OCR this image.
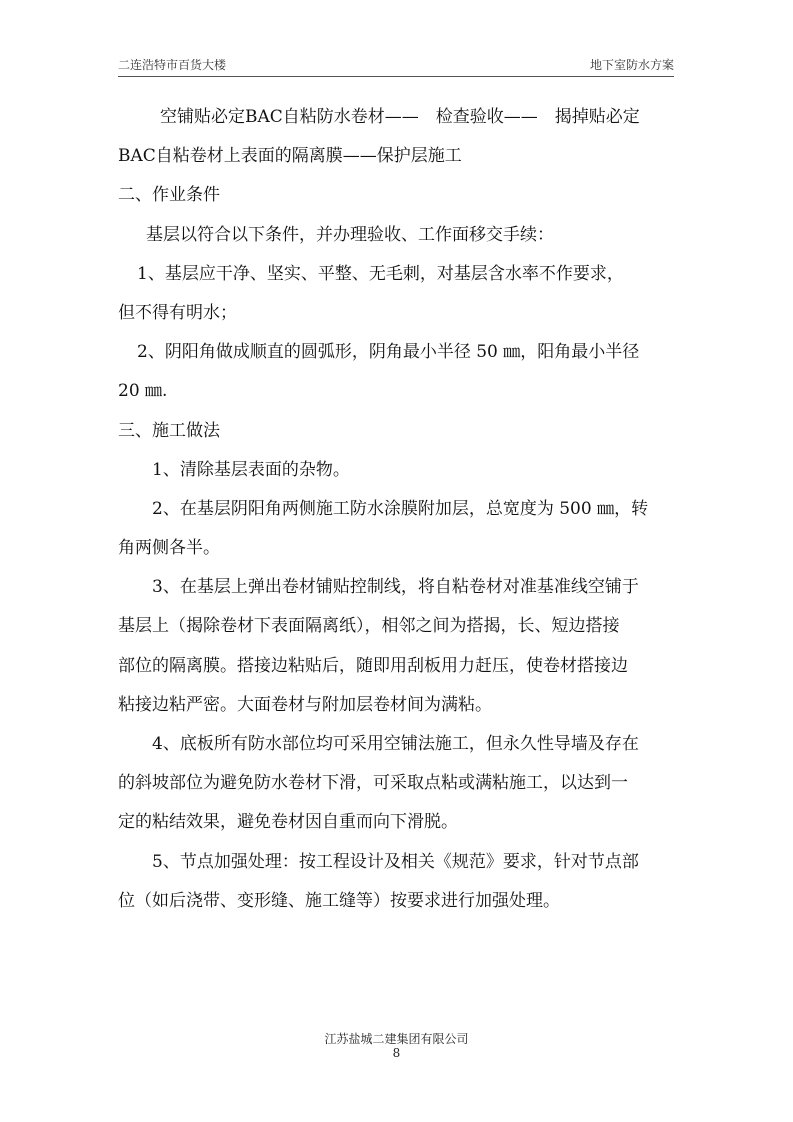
二连浩特市百货大楼	地下室防水方案
空铺贴必定BAC自粘防水卷材——　检查验收——　揭掉贴必定
BAC自粘卷材上表面的隔离膜——保护层施工
二、作业条件
基层以符合以下条件，并办理验收、工作面移交手续：
1、基层应干净、坚实、平整、无毛刺，对基层含水率不作要求，
但不得有明水；
2、阴阳角做成顺直的圆弧形，阴角最小半径 50 ㎜，阳角最小半径
20 ㎜.
三、施工做法
1、清除基层表面的杂物。
2、在基层阴阳角两侧施工防水涂膜附加层，总宽度为 500 ㎜，转
角两侧各半。
3、在基层上弹出卷材铺贴控制线，将自粘卷材对准基准线空铺于
基层上（揭除卷材下表面隔离纸），相邻之间为搭揭，长、短边搭接
部位的隔离膜。搭接边粘贴后，随即用刮板用力赶压，使卷材搭接边
粘接边粘严密。大面卷材与附加层卷材间为满粘。
4、底板所有防水部位均可采用空铺法施工，但永久性导墙及存在
的斜坡部位为避免防水卷材下滑，可采取点粘或满粘施工，以达到一
定的粘结效果，避免卷材因自重而向下滑脱。
5、节点加强处理：按工程设计及相关《规范》要求，针对节点部
位（如后浇带、变形缝、施工缝等）按要求进行加强处理。
江苏盐城二建集团有限公司
8
